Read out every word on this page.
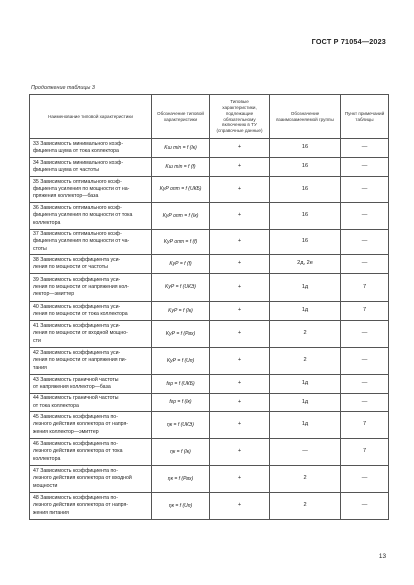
ГОСТ Р 71054—2023
Продолжение таблицы 3
Наименование типовой характеристики	Обозначение типовой характеристики	Типовые характеристики, подлежащие обязательному включению в ТУ (справочные данные)	Обозначение взаимозаменяемой группы	Пункт примечаний таблицы

33 Зависимость минимального коэф-
фициента шума от тока коллектора	Kш min = f (Iк)	+	16	—

34 Зависимость минимального коэф-
фициента шума от частоты	Kш min = f (f)	+	16	—

35 Зависимость оптимального коэф-
фициента усиления по мощности от на-
пряжения коллектор—база	KуР опт = f (UКБ)	+	16	—

36 Зависимость оптимального коэф-
фициента усиления по мощности от тока
коллектора	KуР опт = f (Iк)	+	16	—

37 Зависимость оптимального коэф-
фициента усиления по мощности от ча-
стоты	KуР опт = f (f)	+	16	—

38 Зависимость коэффициента уси-
ления по мощности от частоты	KуР = f (f)	+	2д, 2е	—

39 Зависимость коэффициента уси-
ления по мощности от напряжения кол-
лектор—эмиттер	KуР = f (UКЭ)	+	1д	7

40 Зависимость коэффициента уси-
ления по мощности от тока коллектора	KуР = f (Iк)	+	1д	7

41 Зависимость коэффициента уси-
ления по мощности от входной мощно-
сти	KуР = f (Pвх)	+	2	—

42 Зависимость коэффициента уси-
ления по мощности от напряжения пи-
тания	KуР = f (Uп)	+	2	—

43 Зависимость граничной частоты
от напряжения коллектор—база	fгр = f (UКБ)	+	1д	—

44 Зависимость граничной частоты
от тока коллектора	fгр = f (Iк)	+	1д	—

45 Зависимость коэффициента по-
лезного действия коллектора от напря-
жения коллектор—эмиттер	ηк = f (UКЭ)	+	1д	7

46 Зависимость коэффициента по-
лезного действия коллектора от тока
коллектора	ηк = f (Iк)	+	—	7

47 Зависимость коэффициента по-
лезного действия коллектора от входной
мощности	ηк = f (Pвх)	+	2	—

48 Зависимость коэффициента по-
лезного действия коллектора от напря-
жения питания	ηк = f (Uп)	+	2	—
13
